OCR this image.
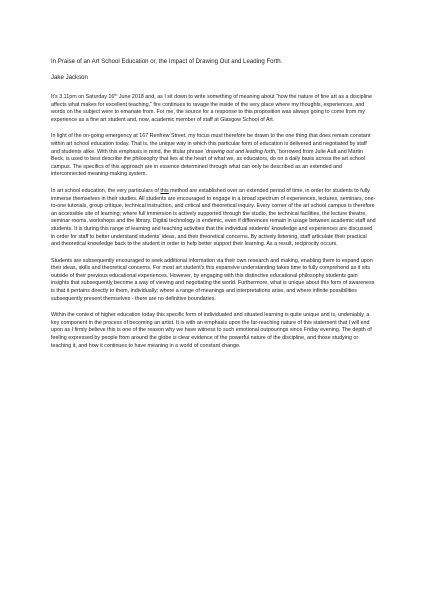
In Praise of an Art School Education or, the Impact of Drawing Out and Leading Forth.
Jake Jackson

It’s 3.11pm on Saturday 16th June 2018 and, as I sit down to write something of meaning about “how the nature of fine art as a discipline affects what makes for excellent teaching,” fire continues to ravage the inside of the very place where my thoughts, experiences, and words on the subject were to emanate from. For me, the source for a response to this proposition was always going to come from my experience as a fine art student and, now, academic member of staff at Glasgow School of Art.

In light of the on-going emergency at 167 Renfrew Street, my focus must therefore be drawn to the one thing that does remain constant within art school education today. That is, the unique way in which this particular form of education is delivered and negotiated by staff and students alike. With this emphasis in mind, the titular phrase ‘drawing out and leading forth,’ borrowed from Julie Ault and Martin Beck, is used to best describe the philosophy that lies at the heart of what we, as educators, do on a daily basis across the art school campus. The specifics of this approach are in essence determined through what can only be described as an extended and interconnected meaning-making system.

In art school education, the very particulars of this method are established over an extended period of time, in order for students to fully immerse themselves in their studies. All students are encouraged to engage in a broad spectrum of experiences, lectures, seminars, one-to-one tutorials, group critique, technical instruction, and critical and theoretical inquiry. Every corner of the art school campus is therefore an accessible site of learning; where full immersion is actively supported through the studio, the technical facilities, the lecture theatre, seminar rooms, workshops and the library. Digital technology is endemic, even if differences remain in usage between academic staff and students. It is during this range of learning and teaching activities that the individual students’ knowledge and experiences are discussed in order for staff to better understand students’ ideas, and their theoretical concerns. By actively listening, staff articulate their practical and theoretical knowledge back to the student in order to help better support their learning. As a result, reciprocity occurs.

Students are subsequently encouraged to seek additional information via their own research and making, enabling them to expand upon their ideas, skills and theoretical concerns. For most art student’s this expansive understanding takes time to fully comprehend as it sits outside of their previous educational experiences. However, by engaging with this distinctive educational philosophy students gain insights that subsequently become a way of viewing and negotiating the world. Furthermore, what is unique about this form of awareness is that it pertains directly to them, individually; where a range of meanings and interpretations arise, and where infinite possibilities subsequently present themselves - there are no definitive boundaries.

Within the context of higher education today this specific form of individuated and situated learning is quite unique and is, undeniably, a key component in the process of becoming an artist. It is with an emphasis upon the far-reaching nature of this statement that I will end upon as I firmly believe this is one of the reason why we have witness to such emotional outpourings since Friday evening. The depth of feeling expressed by people from around the globe is clear evidence of the powerful nature of the discipline, and those studying or teaching it, and how it continues to have meaning in a world of constant change.
